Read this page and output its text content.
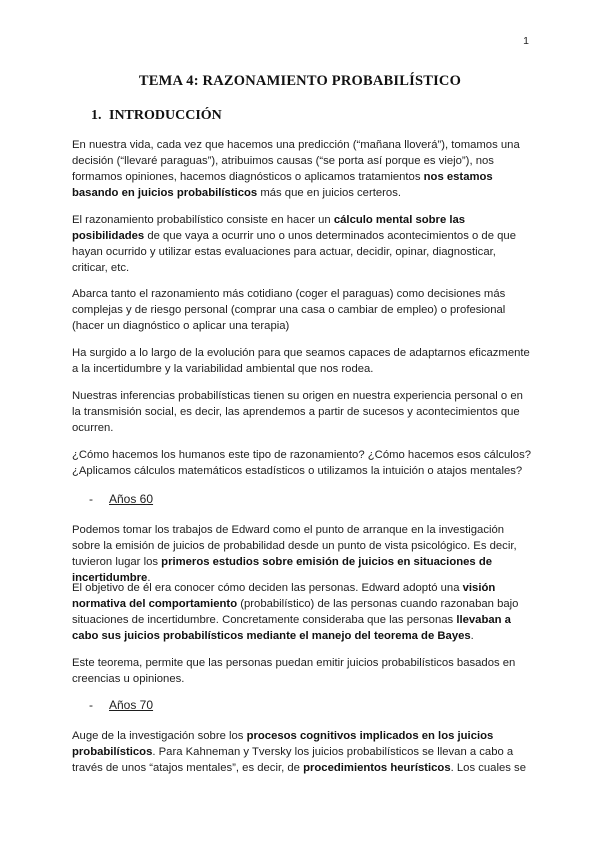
1
TEMA 4: RAZONAMIENTO PROBABILÍSTICO
1. INTRODUCCIÓN

En nuestra vida, cada vez que hacemos una predicción (“mañana lloverá”), tomamos una decisión (“llevaré paraguas”), atribuimos causas (“se porta así porque es viejo”), nos formamos opiniones, hacemos diagnósticos o aplicamos tratamientos nos estamos basando en juicios probabilísticos más que en juicios certeros.

El razonamiento probabilístico consiste en hacer un cálculo mental sobre las posibilidades de que vaya a ocurrir uno o unos determinados acontecimientos o de que hayan ocurrido y utilizar estas evaluaciones para actuar, decidir, opinar, diagnosticar, criticar, etc.

Abarca tanto el razonamiento más cotidiano (coger el paraguas) como decisiones más complejas y de riesgo personal (comprar una casa o cambiar de empleo) o profesional (hacer un diagnóstico o aplicar una terapia)

Ha surgido a lo largo de la evolución para que seamos capaces de adaptarnos eficazmente a la incertidumbre y la variabilidad ambiental que nos rodea.

Nuestras inferencias probabilísticas tienen su origen en nuestra experiencia personal o en la transmisión social, es decir, las aprendemos a partir de sucesos y acontecimientos que ocurren.

¿Cómo hacemos los humanos este tipo de razonamiento? ¿Cómo hacemos esos cálculos? ¿Aplicamos cálculos matemáticos estadísticos o utilizamos la intuición o atajos mentales?

- Años 60

Podemos tomar los trabajos de Edward como el punto de arranque en la investigación sobre la emisión de juicios de probabilidad desde un punto de vista psicológico. Es decir, tuvieron lugar los primeros estudios sobre emisión de juicios en situaciones de incertidumbre.

El objetivo de él era conocer cómo deciden las personas. Edward adoptó una visión normativa del comportamiento (probabilístico) de las personas cuando razonaban bajo situaciones de incertidumbre. Concretamente consideraba que las personas llevaban a cabo sus juicios probabilísticos mediante el manejo del teorema de Bayes.

Este teorema, permite que las personas puedan emitir juicios probabilísticos basados en creencias u opiniones.

- Años 70

Auge de la investigación sobre los procesos cognitivos implicados en los juicios probabilísticos. Para Kahneman y Tversky los juicios probabilísticos se llevan a cabo a través de unos “atajos mentales”, es decir, de procedimientos heurísticos. Los cuales se
